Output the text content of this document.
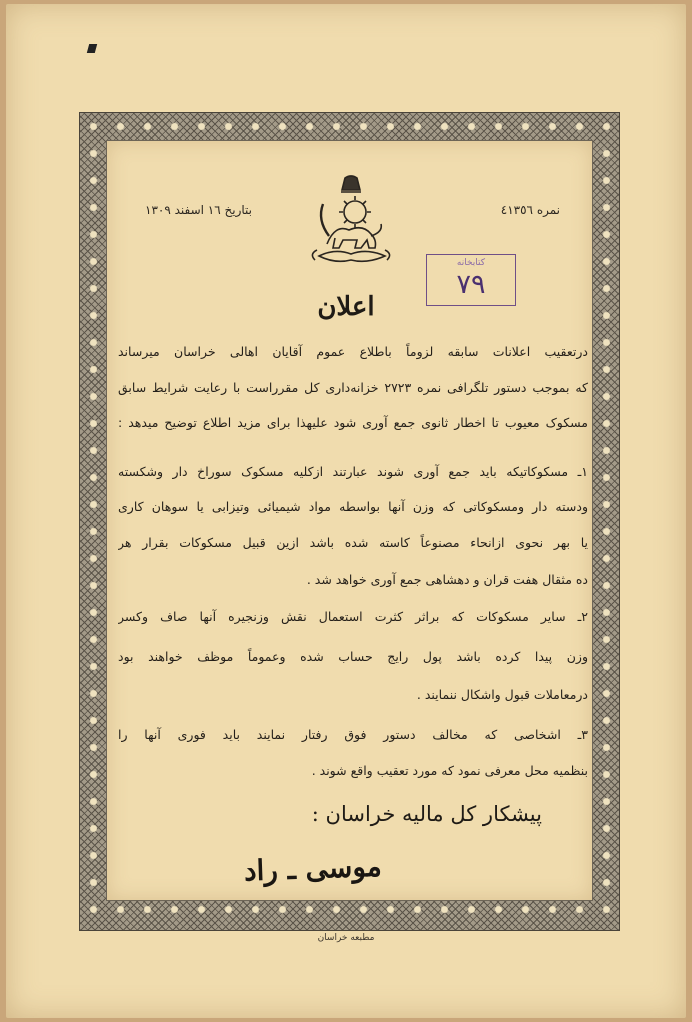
بتاریخ ١٦ اسفند ١٣٠٩	نمره ٤١٣٥٦
کتابخانه
٧٩
اعلان
درتعقیب اعلانات سابقه لزوماً باطلاع عموم آقایان اهالی خراسان میرساند
که بموجب دستور تلگرافی نمره ٢٧٢٣ خزانه‌داری کل مقرراست با رعایت شرایط سابق
مسکوک معیوب تا اخطار ثانوی جمع آوری شود علیهذا برای مزید اطلاع توضیح میدهد :
١ـ مسکوکاتیکه باید جمع آوری شوند عبارتند ازکلیه مسکوک سوراخ دار وشکسته
ودسته دار ومسکوکاتی که وزن آنها بواسطه مواد شیمیائی وتیزابی یا سوهان کاری
یا بهر نحوی ازانحاء مصنوعاً کاسته شده باشد ازین قبیل مسکوکات بقرار هر
ده مثقال هفت قران و دهشاهی جمع آوری خواهد شد .
٢ـ سایر مسکوکات که براثر کثرت استعمال نقش وزنجیره آنها صاف وکسر
وزن پیدا کرده باشد پول رایج حساب شده وعموماً موظف خواهند بود
درمعاملات قبول واشکال ننمایند .
٣ـ اشخاصی که مخالف دستور فوق رفتار نمایند باید فوری آنها را
بنظمیه محل معرفی نمود که مورد تعقیب واقع شوند .
پیشکار کل مالیه خراسان :
موسی ـ راد
مطبعه خراسان
